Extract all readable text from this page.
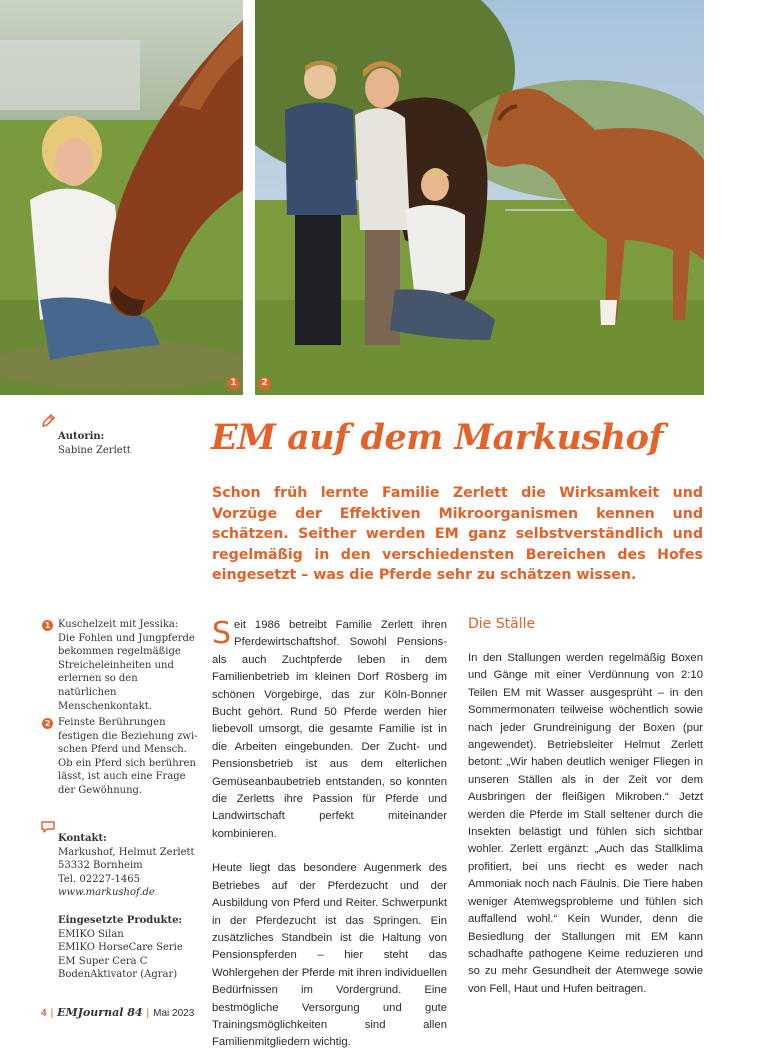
1	2
Autorin:
Sabine Zerlett
1 Kuschelzeit mit Jessika:
Die Fohlen und Jungpferde
bekommen regelmäßige
Streicheleinheiten und
erlernen so den natürlichen
Menschenkontakt.
2 Feinste Berührungen
festigen die Beziehung zwi-
schen Pferd und Mensch.
Ob ein Pferd sich berühren
lässt, ist auch eine Frage
der Gewöhnung.
Kontakt:
Markushof, Helmut Zerlett
53332 Bornheim
Tel. 02227-1465
www.markushof.de
Eingesetzte Produkte:
EMIKO Silan
EMIKO HorseCare Serie
EM Super Cera C
BodenAktivator (Agrar)
EM auf dem Markushof
Schon früh lernte Familie Zerlett die Wirksamkeit und Vorzüge der Effektiven Mikroorganismen kennen und schätzen. Seither werden EM ganz selbstverständlich und regelmäßig in den verschiedensten Bereichen des Hofes eingesetzt – was die Pferde sehr zu schätzen wissen.

Seit 1986 betreibt Familie Zerlett ihren Pferdewirtschaftshof. Sowohl Pensions- als auch Zuchtpferde leben in dem Familienbetrieb im kleinen Dorf Rösberg im schönen Vorgebirge, das zur Köln-Bonner Bucht gehört. Rund 50 Pferde werden hier liebevoll umsorgt, die gesamte Familie ist in die Arbeiten eingebunden. Der Zucht- und Pensionsbetrieb ist aus dem elterlichen Gemüseanbaubetrieb entstanden, so konnten die Zerletts ihre Passion für Pferde und Landwirtschaft perfekt miteinander kombinieren.

Heute liegt das besondere Augenmerk des Betriebes auf der Pferdezucht und der Ausbildung von Pferd und Reiter. Schwerpunkt in der Pferdezucht ist das Springen. Ein zusätzliches Standbein ist die Haltung von Pensionspferden – hier steht das Wohlergehen der Pferde mit ihren individuellen Bedürfnissen im Vordergrund. Eine bestmögliche Versorgung und gute Trainingsmöglichkeiten sind allen Familienmitgliedern wichtig.

Die Ställe

In den Stallungen werden regelmäßig Boxen und Gänge mit einer Verdünnung von 2:10 Teilen EM mit Wasser ausgesprüht – in den Sommermonaten teilweise wöchentlich sowie nach jeder Grundreinigung der Boxen (pur angewendet). Betriebsleiter Helmut Zerlett betont: „Wir haben deutlich weniger Fliegen in unseren Ställen als in der Zeit vor dem Ausbringen der fleißigen Mikroben.“ Jetzt werden die Pferde im Stall seltener durch die Insekten belästigt und fühlen sich sichtbar wohler. Zerlett ergänzt: „Auch das Stallklima profitiert, bei uns riecht es weder nach Ammoniak noch nach Fäulnis. Die Tiere haben weniger Atemwegsprobleme und fühlen sich auffallend wohl.“ Kein Wunder, denn die Besiedlung der Stallungen mit EM kann schadhafte pathogene Keime reduzieren und so zu mehr Gesundheit der Atemwege sowie von Fell, Haut und Hufen beitragen.

4 | EMJournal 84 | Mai 2023
